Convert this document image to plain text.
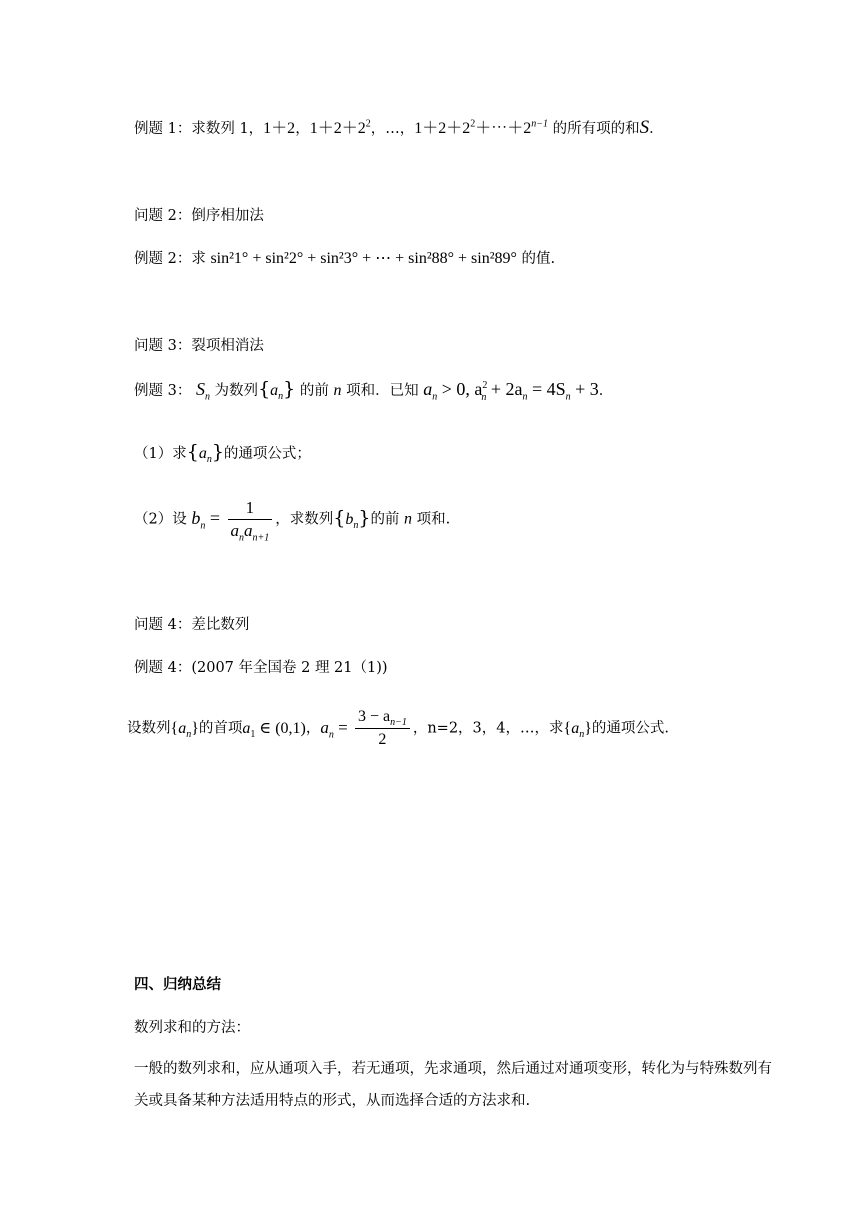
例题 1：求数列 1，1＋2，$1+2+2^2$，…，$1+2+2^2+\cdots+2^{n-1}$ 的所有项的和S．
问题 2：倒序相加法
例题 2：求 sin²1° + sin²2° + sin²3° + ⋯ + sin²88° + sin²89° 的值.
问题 3：裂项相消法
例题 3： $S_n$ 为数列$\{a_n\}$ 的前 n 项和．已知 $a_n > 0$, $a^2_n + 2a_n = 4S_n + 3$．
（1）求$\{a_n\}$的通项公式；
（2）设 $b_n = \frac{1}{a_na_{n+1}}$ ，求数列$\{b_n\}$的前 n 项和.
问题 4：差比数列
例题 4：(2007 年全国卷 2 理 21（1))
设数列$\{a_n\}$的首项$a_1$ ∈ (0,1)，$a_n = \frac{3 - a_{n-1}}{2}$ ，n=2，3，4，…，求$\{a_n\}$的通项公式.
四、归纳总结
数列求和的方法：
一般的数列求和，应从通项入手，若无通项，先求通项，然后通过对通项变形，转化为与特殊数列有关或具备某种方法适用特点的形式，从而选择合适的方法求和.
